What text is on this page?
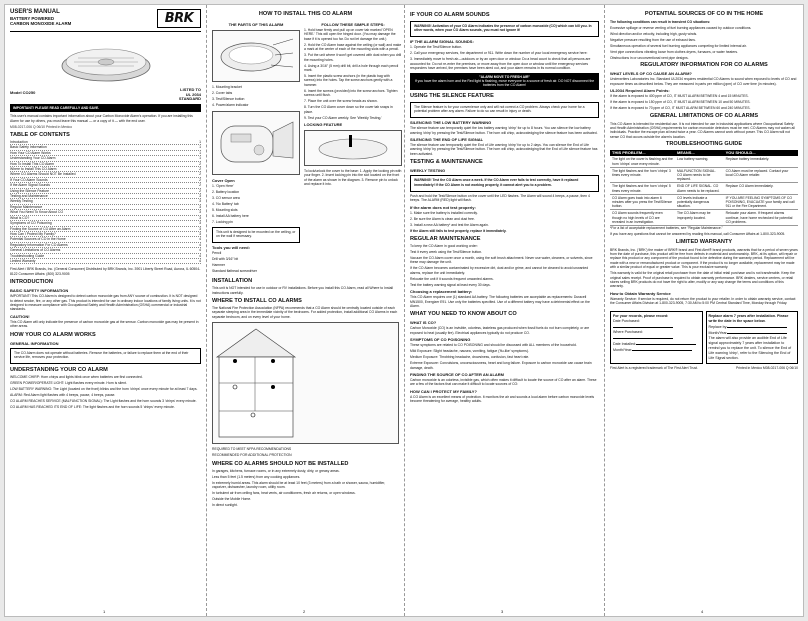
USER'S MANUAL
BATTERY POWERED
CARBON MONOXIDE ALARM	BRK
Model CO250
LISTED TO
UL 2034
STANDARD
IMPORTANT! PLEASE READ CAREFULLY AND SAVE.

This user's manual contains important information about your Carbon Monoxide Alarm's operation. If you are installing this Alarm for use by others, you must leave this manual — or a copy of it — with the end user.

M08-0217-006 Q 06/10 Printed in Mexico

TABLE OF CONTENTS
Introduction	1
Basic Safety Information	1
How Your CO Alarm Works	1
Understanding Your CO Alarm	1
How To Install This CO Alarm	2
Where to Install This CO Alarm	2
Where CO Alarms Should NOT Be Installed	2
If Your CO Alarm Sounds	2
If the Alarm Signal Sounds	2
Using the Silence Feature	2
Testing and Maintenance	3
Weekly Testing	3
Regular Maintenance	3
What You Need To Know About CO	3
What is CO?	3
Symptoms of CO Poisoning	3
Finding the Source of CO After an Alarm	3
How Can I Protect My Family?	3
Potential Sources of CO in the Home	4
Regulatory Information For CO Alarms	4
General Limitations of CO Alarms	4
Troubleshooting Guide	4
Limited Warranty	4

First Alert / BRK Brands, Inc. (General Consumer) Distributed by BRK Brands, Inc. 3901 Liberty Street Road, Aurora, IL 60504-8122 Consumer Affairs: (800) 323-9005

INTRODUCTION
BASIC SAFETY INFORMATION

IMPORTANT! This CO Alarm is designed to detect carbon monoxide gas from ANY source of combustion. It is NOT designed to detect smoke, fire, or any other gas. This product is intended for use in ordinary indoor locations of family living units. It is not designed to measure compliance with Occupational Safety and Health Administration (OSHA) commercial or industrial standards.

CAUTION!

This CO Alarm will only indicate the presence of carbon monoxide gas at the sensor. Carbon monoxide gas may be present in other areas.

HOW YOUR CO ALARM WORKS
GENERAL INFORMATION

The CO Alarm does not operate without batteries. Remove the batteries, or failure to replace them at the end of their service life, removes your protection.

UNDERSTANDING YOUR CO ALARM

WELCOME CHIRP: Horn chirps and lights blink once when batteries are first connected.

GREEN POWER/OPERATE LIGHT: Light flashes every minute. Horn is silent.

LOW BATTERY WARNING: The Light (located on the front) blinks and the horn 'chirps' once every minute for at least 7 days.

ALARM: Red Alarm light flashes with 4 beeps, pause, 4 beeps, pause.

CO ALARM REACHES SERVICE (MALFUNCTION SIGNAL): The Light flashes and the horn sounds 3 'chirps' every minute.

CO ALARM HAS REACHED ITS END OF LIFE: The light flashes and the horn sounds 5 'chirps' every minute.

1
HOW TO INSTALL THIS CO ALARM
THE PARTS OF THIS ALARM

1. Mounting bracket

2. Cover tabs

3. Test/Silence button

4. Power/alarm indicator

Cover Open

1. 'Open Here'

2. Battery location

3. CO sensor area

4. 'No Battery' tab

5. Mounting slots

6. Install AA battery here

7. Locking pin

This unit is designed to be mounted on the ceiling, or on the wall if necessary.

Tools you will need:

Pencil

Drill with 3/16" bit

Hammer

Standard flathead screwdriver

FOLLOW THESE SIMPLE STEPS:

1. Hold base firmly and pull up on cover tab marked 'OPEN HERE.' This will open the hinged door. (You may damage the base if it is opened too far. Do not let damage the unit.)

2. Hold the CO Alarm base against the ceiling (or wall) and make a mark at the center of each of the mounting slots with a pencil.

3. Put the unit where it won't get covered with dust when you drill the mounting holes.

4. Using a 3/16" (5 mm) drill bit, drill a hole through each pencil mark.

5. Insert the plastic screw anchors (in the plastic bag with screws) into the holes. Tap the screw anchors gently with a hammer.

6. Insert the screws (provided) into the screw anchors. Tighten screws until flush.

7. Place the unit over the screw heads as shown.

8. Turn the CO Alarm cover down so the cover tab snaps in place.

9. Test your CO Alarm weekly. See 'Weekly Testing.'

LOCKING FEATURE

To lock/unlock the cover to the base: 1. Apply the locking pin with your finger. 2. Insert locking pin into the slot located on the front of the alarm as shown in the diagram. 3. Remove pin to unlock and replace it into.

INSTALLATION

This unit is NOT intended for use in outdoor or RV installations. Before you install this CO Alarm, read all Where to Install instructions carefully.

WHERE TO INSTALL CO ALARMS

The National Fire Protection Association (NFPA) recommends that a CO Alarm should be centrally located outside of each separate sleeping area in the immediate vicinity of the bedrooms. For added protection, install additional CO Alarms in each separate bedroom, and on every level of your home.

REQUIRED TO MEET NFPA RECOMMENDATIONS

RECOMMENDED FOR ADDITIONAL PROTECTION

WHERE CO ALARMS SHOULD NOT BE INSTALLED

In garages, kitchens, furnace rooms, or in any extremely dusty, dirty, or greasy areas.

Less than 5 feet (1.5 meters) from any cooking appliances.

In extremely humid areas. This alarm should be at least 10 feet (3 meters) from a bath or shower, sauna, humidifier, vaporizer, dishwasher, laundry room, utility room.

In turbulent air from ceiling fans, heat vents, air conditioners, fresh air returns, or open windows.

Outside the Mobile Home.

In direct sunlight.

2
IF YOUR CO ALARM SOUNDS

WARNING! Activation of your CO Alarm indicates the presence of carbon monoxide (CO) which can kill you. In other words, when your CO Alarm sounds, you must not ignore it!

IF THE ALARM SIGNAL SOUNDS:

1. Operate the Test/Silence button.

2. Call your emergency services, fire department or 911. Write down the number of your local emergency service here:

3. Immediately move to fresh air—outdoors or by an open door or window. Do a head count to check that all persons are accounted for. Do not re-enter the premises, or move away from the open door or window until the emergency services responders have arrived, the premises have been aired out, and your alarm remains in its normal condition.

"ALARM MOVE TO FRESH AIR"
If you have the alarm horn and the Red light is flashing, move everyone to a source of fresh air. DO NOT disconnect the batteries from the CO Alarm!
USING THE SILENCE FEATURE

The Silence feature is for your convenience only and will not correct a CO problem. Always check your home for a potential problem after any alarm. Failure to do so can result in injury or death.

SILENCING THE LOW BATTERY WARNING

The silence feature can temporarily quiet the low battery warning 'chirp' for up to 8 hours. You can silence the low battery warning 'chirp' by pressing the Test/Silence button. The horn will chirp, acknowledging the silence feature has been activated.

SILENCING THE END OF LIFE SIGNAL

The silence feature can temporarily quiet the End of Life warning 'chirp' for up to 2 days. You can silence the End of Life warning 'chirp' by pressing the Test/Silence button. The horn will chirp, acknowledging that the End of Life silence feature has been activated.

TESTING & MAINTENANCE
WEEKLY TESTING

WARNING! Test the CO Alarm once a week. If the CO Alarm ever fails to test correctly, have it replaced immediately! If the CO Alarm is not working properly, it cannot alert you to a problem.

Push and hold the Test/Silence button on the cover until the LED flashes. The Alarm will sound 4 beeps, a pause, then 4 beeps. The ALARM (RED) light will flash.

If the alarm does not test properly:

1. Make sure the battery is installed correctly.

2. Be sure the Alarm is clean and dust free.

3. Install a new AA battery* and test the Alarm again.

If the Alarm still fails to test properly, replace it immediately.

REGULAR MAINTENANCE

To keep the CO Alarm in good working order:

Test it every week using the Test/Silence button.

Vacuum the CO Alarm cover once a month, using the soft brush attachment. Never use water, cleaners, or solvents, since these may damage the unit.

If the CO Alarm becomes contaminated by excessive dirt, dust and/or grime, and cannot be cleaned to avoid unwanted alarms, replace the unit immediately.

Relocate the unit if it sounds frequent unwanted alarms.

Test the battery warning signal at least every 30 days.

Choosing a replacement battery:

This CO Alarm requires one (1) standard AA battery. The following batteries are acceptable as replacements: Duracell MN1500, Energizer E91. Use only the batteries specified. Use of a different battery may have a detrimental effect on the Alarm.

WHAT YOU NEED TO KNOW ABOUT CO
WHAT IS CO?

Carbon Monoxide (CO) is an invisible, odorless, tasteless gas produced when fossil fuels do not burn completely, or are exposed to heat (usually fire). Electrical appliances typically do not produce CO.

SYMPTOMS OF CO POISONING

These symptoms are related to CO POISONING and should be discussed with ALL members of the household.

Mild Exposure: Slight headache, nausea, vomiting, fatigue ('flu-like' symptoms).

Medium Exposure: Throbbing headache, drowsiness, confusion, fast heart rate.

Extreme Exposure: Convulsions, unconsciousness, heart and lung failure. Exposure to carbon monoxide can cause brain damage, death.

FINDING THE SOURCE OF CO AFTER AN ALARM

Carbon monoxide is an odorless, invisible gas, which often makes it difficult to locate the source of CO after an alarm. These are a few of the factors that can make it difficult to locate sources of CO:

HOW CAN I PROTECT MY FAMILY?

A CO Alarm is an excellent means of protection. It monitors the air and sounds a loud alarm before carbon monoxide levels become threatening for average, healthy adults.

3
POTENTIAL SOURCES OF CO IN THE HOME

The following conditions can result in transient CO situations:

Excessive spillage or reverse venting of fuel burning appliances caused by outdoor conditions.

Wind direction and/or velocity, including high, gusty winds.

Negative pressure resulting from the use of exhaust fans.

Simultaneous operation of several fuel burning appliances competing for limited internal air.

Vent pipe connections vibrating loose from clothes dryers, furnaces, or water heaters.

Obstructions in or unconventional vent pipe designs.

REGULATORY INFORMATION FOR CO ALARMS
WHAT LEVELS OF CO CAUSE AN ALARM?

Underwriters Laboratories Inc. Standard UL2034 requires residential CO Alarms to sound when exposed to levels of CO and exposure times as described below. They are measured in parts per million (ppm) of CO over time (in minutes).

UL2034 Required Alarm Points:

If the alarm is exposed to 400 ppm of CO, IT MUST ALARM BETWEEN 4 and 15 MINUTES.

If the alarm is exposed to 150 ppm of CO, IT MUST ALARM BETWEEN 10 and 50 MINUTES.

If the alarm is exposed to 70 ppm of CO, IT MUST ALARM BETWEEN 60 and 240 MINUTES.

GENERAL LIMITATIONS OF CO ALARMS

This CO Alarm is intended for residential use. It is not intended for use in industrial applications where Occupational Safety and Health Administration (OSHA) requirements for carbon monoxide detectors must be met. CO Alarms may not waken all individuals. Practice the escape plan at least twice a year. CO Alarms cannot work without power. This CO Alarm will not sense CO that occurs outside the alarm's location.

TROUBLESHOOTING GUIDE
THIS PROBLEM...	MEANS...	YOU SHOULD...
The light on the cover is flashing and the horn 'chirps' once every minute.	Low battery warning.	Replace battery immediately.
The light flashes and the horn 'chirps' 3 times every minute.	MALFUNCTION SIGNAL. CO Alarm needs to be replaced.	CO Alarm must be replaced. Contact your local CO Alarm retailer.
The light flashes and the horn 'chirps' 5 times every minute.	END OF LIFE SIGNAL. CO Alarm needs to be replaced.	Replace CO Alarm immediately.
CO Alarm goes back into alarm 6 minutes after you press the Test/Silence button.	CO levels indicate a potentially dangerous situation.	IF YOU ARE FEELING SYMPTOMS OF CO POISONING, EVACUATE your family and call 911 or the Fire Department.
CO Alarm sounds frequently even though no high levels of CO are revealed in an investigation.	The CO Alarm may be improperly located.	Relocate your alarm. If frequent alarms continue, have home rechecked for potential CO problems.

*For a list of acceptable replacement batteries, see "Regular Maintenance."

If you have any questions that cannot be answered by reading this manual, call Consumer Affairs at 1-800-323-9005.

LIMITED WARRANTY

BRK Brands, Inc. ('BRK') the maker of BRK® brand and First Alert® brand products, warrants that for a period of seven years from the date of purchase, this product will be free from defects in material and workmanship. BRK, at its option, will repair or replace this product or any component of the product found to be defective during the warranty period. Replacement will be made with a new or remanufactured product or component. If the product is no longer available, replacement may be made with a similar product of equal or greater value. This is your exclusive warranty.

This warranty is valid for the original retail purchaser from the date of initial retail purchase and is not transferable. Keep the original sales receipt. Proof of purchase is required to obtain warranty performance. BRK dealers, service centers, or retail stores selling BRK products do not have the right to alter, modify or any way change the terms and conditions of this warranty.

How to Obtain Warranty Service

Warranty Service: If service is required, do not return the product to your retailer. In order to obtain warranty service, contact the Consumer Affairs Division at 1-800-323-9005, 7:30 AM to 5:00 PM Central Standard Time, Monday through Friday.

For your records, please record:
Date Purchased:
Where Purchased:
Date Installed:
Month/Year:
Replace alarm 7 years after installation. Please write the date in the space below.
Replace by:
Month/Year
The alarm will also provide an audible End of Life signal approximately 7 years after installation to remind you to replace the unit. To silence the End of Life warning 'chirp', refer to the Silencing the End of Life Signal section.
First Alert is a registered trademark of The First Alert Trust.	Printed in Mexico M08-0217-006 Q 06/10
4
